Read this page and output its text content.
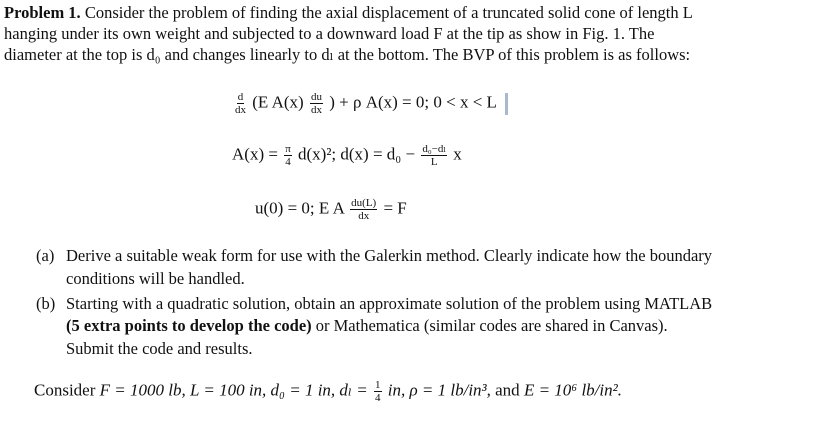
Problem 1. Consider the problem of finding the axial displacement of a truncated solid cone of length L
hanging under its own weight and subjected to a downward load F at the tip as show in Fig. 1. The
diameter at the top is d₀ and changes linearly to dₗ at the bottom. The BVP of this problem is as follows:
$\frac{d}{dx} (E$ $A(x) \frac{du}{dx}$ ) + ρ A(x) = 0; 0 < x < L
$A(x) = \frac{\pi}{4} d(x)^2$; $d(x) = d_0 - \frac{\text{d₀−dₗ}}{L}$ x
u(0) = 0; E A $\frac{du(L)}{dx} = F$
(a) Derive a suitable weak form for use with the Galerkin method. Clearly indicate how the boundary
conditions will be handled.
(b) Starting with a quadratic solution, obtain an approximate solution of the problem using MATLAB
(5 extra points to develop the code) or Mathematica (similar codes are shared in Canvas).
Submit the code and results.
Consider F = 1000 lb, L = 100 in, d₀ = 1 in, $d_l = \frac{1}{4}$ in, ρ = 1 lb/in³, and E = 10⁶ lb/in².
